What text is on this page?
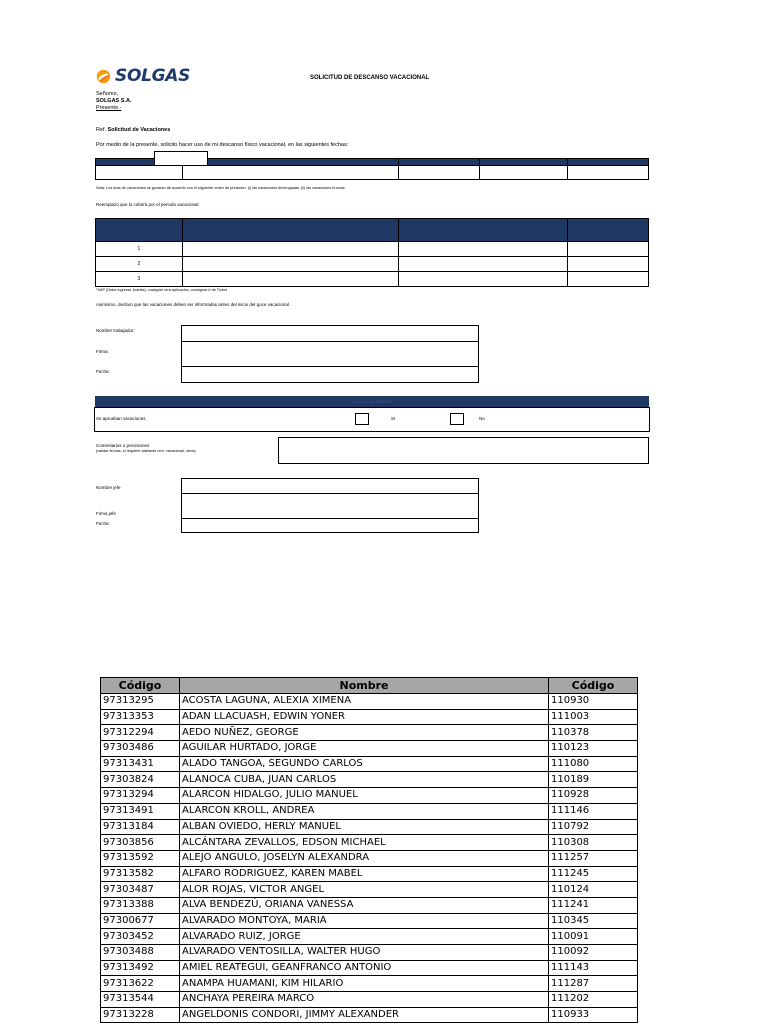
SOLGAS	SOLICITUD DE DESCANSO VACACIONAL
Señores,
SOLGAS S.A.
Presente.-
Ref. Solicitud de Vacaciones
Por medio de la presente, solicito hacer uso de mi descanso físico vacacional, en las siguientes fechas:
Código	Nombre del Empleador	Fecha Inicio	Fecha Fin	Días

Nota: Los días de vacaciones se gozarán de acuerdo con el siguiente orden de prelación: (i) las vacaciones devengadas, (ii) las vacaciones truncas
Reemplazo que lo cubrirá por el periodo vacacional
N°	Función que delega (Accesos a aplicaciones)*	Persona que lo sustituirá en dicha función	Gestione que requiere
1			
2			
3			
*SAP (Debe ingresar Juanita), cualquier otra aplicación, consignar # de Ticket
Asimismo, declaro que las vacaciones deben ser informadas antes del inicio del goce vacacional.
Nombre trabajador:
Firma:
Fecha:
Vacaciones deberán
Se aprueban vacaciones	SI	No
Comentarios o precisiones
(validar fechas, si requiere adelanto rem. vacacional, otros)
Nombre jefe
Firma jefe
Fecha:
Código	Nombre	Código
97313295	ACOSTA LAGUNA, ALEXIA XIMENA	110930
97313353	ADAN LLACUASH, EDWIN YONER	111003
97312294	AEDO NUÑEZ, GEORGE	110378
97303486	AGUILAR HURTADO, JORGE	110123
97313431	ALADO TANGOA, SEGUNDO CARLOS	111080
97303824	ALANOCA CUBA, JUAN CARLOS	110189
97313294	ALARCON HIDALGO, JULIO MANUEL	110928
97313491	ALARCON KROLL, ANDREA	111146
97313184	ALBAN OVIEDO, HERLY MANUEL	110792
97303856	ALCÁNTARA ZEVALLOS, EDSON MICHAEL	110308
97313592	ALEJO ANGULO, JOSELYN ALEXANDRA	111257
97313582	ALFARO RODRIGUEZ, KAREN MABEL	111245
97303487	ALOR ROJAS, VICTOR ANGEL	110124
97313388	ALVA BENDEZÚ, ORIANA VANESSA	111241
97300677	ALVARADO MONTOYA, MARIA	110345
97303452	ALVARADO RUIZ, JORGE	110091
97303488	ALVARADO VENTOSILLA, WALTER HUGO	110092
97313492	AMIEL REATEGUI, GEANFRANCO ANTONIO	111143
97313622	ANAMPA HUAMANI, KIM HILARIO	111287
97313544	ANCHAYA PEREIRA MARCO	111202
97313228	ANGELDONIS CONDORI, JIMMY ALEXANDER	110933
